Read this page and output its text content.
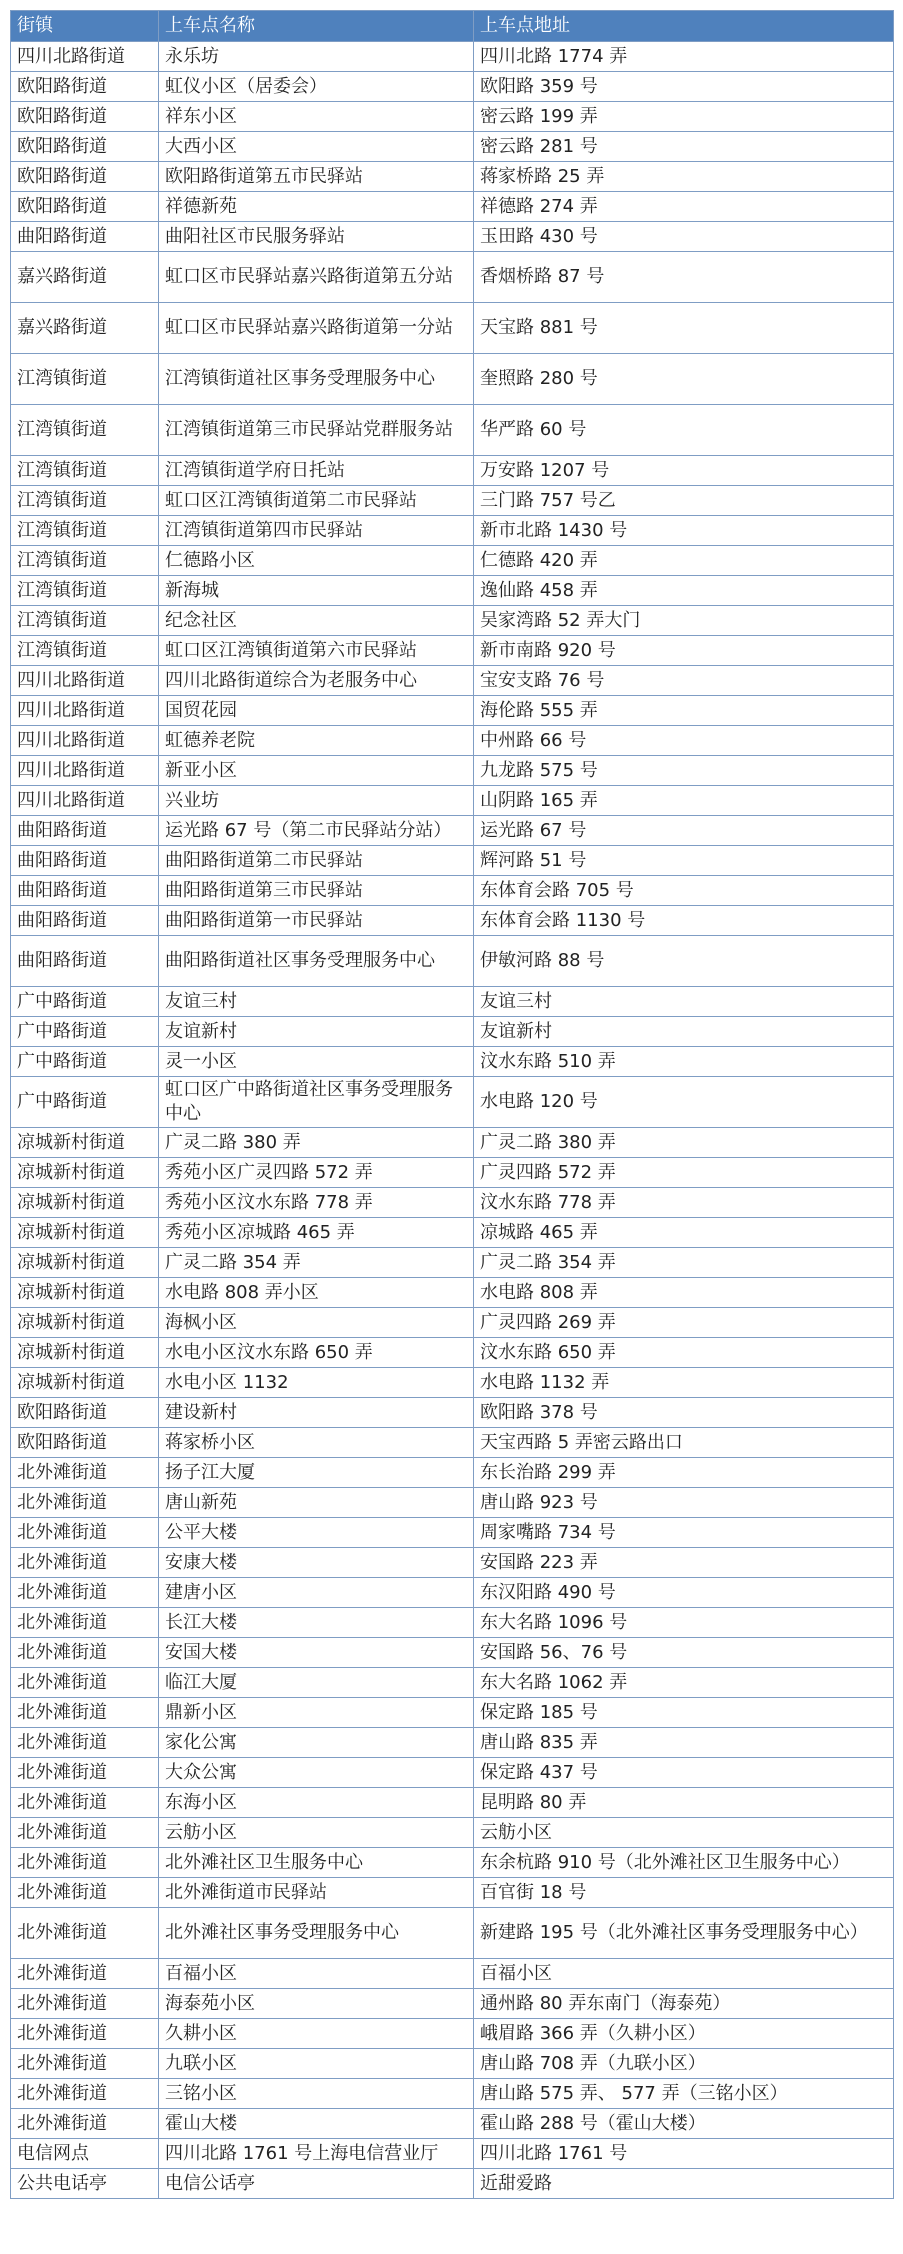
街镇	上车点名称	上车点地址
四川北路街道	永乐坊	四川北路 1774 弄
欧阳路街道	虹仪小区（居委会）	欧阳路 359 号
欧阳路街道	祥东小区	密云路 199 弄
欧阳路街道	大西小区	密云路 281 号
欧阳路街道	欧阳路街道第五市民驿站	蒋家桥路 25 弄
欧阳路街道	祥德新苑	祥德路 274 弄
曲阳路街道	曲阳社区市民服务驿站	玉田路 430 号
嘉兴路街道	虹口区市民驿站嘉兴路街道第五分站	香烟桥路 87 号
嘉兴路街道	虹口区市民驿站嘉兴路街道第一分站	天宝路 881 号
江湾镇街道	江湾镇街道社区事务受理服务中心	奎照路 280 号
江湾镇街道	江湾镇街道第三市民驿站党群服务站	华严路 60 号
江湾镇街道	江湾镇街道学府日托站	万安路 1207 号
江湾镇街道	虹口区江湾镇街道第二市民驿站	三门路 757 号乙
江湾镇街道	江湾镇街道第四市民驿站	新市北路 1430 号
江湾镇街道	仁德路小区	仁德路 420 弄
江湾镇街道	新海城	逸仙路 458 弄
江湾镇街道	纪念社区	吴家湾路 52 弄大门
江湾镇街道	虹口区江湾镇街道第六市民驿站	新市南路 920 号
四川北路街道	四川北路街道综合为老服务中心	宝安支路 76 号
四川北路街道	国贸花园	海伦路 555 弄
四川北路街道	虹德养老院	中州路 66 号
四川北路街道	新亚小区	九龙路 575 号
四川北路街道	兴业坊	山阴路 165 弄
曲阳路街道	运光路 67 号（第二市民驿站分站）	运光路 67 号
曲阳路街道	曲阳路街道第二市民驿站	辉河路 51 号
曲阳路街道	曲阳路街道第三市民驿站	东体育会路 705 号
曲阳路街道	曲阳路街道第一市民驿站	东体育会路 1130 号
曲阳路街道	曲阳路街道社区事务受理服务中心	伊敏河路 88 号
广中路街道	友谊三村	友谊三村
广中路街道	友谊新村	友谊新村
广中路街道	灵一小区	汶水东路 510 弄
广中路街道	虹口区广中路街道社区事务受理服务中心	水电路 120 号
凉城新村街道	广灵二路 380 弄	广灵二路 380 弄
凉城新村街道	秀苑小区广灵四路 572 弄	广灵四路 572 弄
凉城新村街道	秀苑小区汶水东路 778 弄	汶水东路 778 弄
凉城新村街道	秀苑小区凉城路 465 弄	凉城路 465 弄
凉城新村街道	广灵二路 354 弄	广灵二路 354 弄
凉城新村街道	水电路 808 弄小区	水电路 808 弄
凉城新村街道	海枫小区	广灵四路 269 弄
凉城新村街道	水电小区汶水东路 650 弄	汶水东路 650 弄
凉城新村街道	水电小区 1132	水电路 1132 弄
欧阳路街道	建设新村	欧阳路 378 号
欧阳路街道	蒋家桥小区	天宝西路 5 弄密云路出口
北外滩街道	扬子江大厦	东长治路 299 弄
北外滩街道	唐山新苑	唐山路 923 号
北外滩街道	公平大楼	周家嘴路 734 号
北外滩街道	安康大楼	安国路 223 弄
北外滩街道	建唐小区	东汉阳路 490 号
北外滩街道	长江大楼	东大名路 1096 号
北外滩街道	安国大楼	安国路 56、76 号
北外滩街道	临江大厦	东大名路 1062 弄
北外滩街道	鼎新小区	保定路 185 号
北外滩街道	家化公寓	唐山路 835 弄
北外滩街道	大众公寓	保定路 437 号
北外滩街道	东海小区	昆明路 80 弄
北外滩街道	云舫小区	云舫小区
北外滩街道	北外滩社区卫生服务中心	东余杭路 910 号（北外滩社区卫生服务中心）
北外滩街道	北外滩街道市民驿站	百官街 18 号
北外滩街道	北外滩社区事务受理服务中心	新建路 195 号（北外滩社区事务受理服务中心）
北外滩街道	百福小区	百福小区
北外滩街道	海泰苑小区	通州路 80 弄东南门（海泰苑）
北外滩街道	久耕小区	峨眉路 366 弄（久耕小区）
北外滩街道	九联小区	唐山路 708 弄（九联小区）
北外滩街道	三铭小区	唐山路 575 弄、 577 弄（三铭小区）
北外滩街道	霍山大楼	霍山路 288 号（霍山大楼）
电信网点	四川北路 1761 号上海电信营业厅	四川北路 1761 号
公共电话亭	电信公话亭	近甜爱路
